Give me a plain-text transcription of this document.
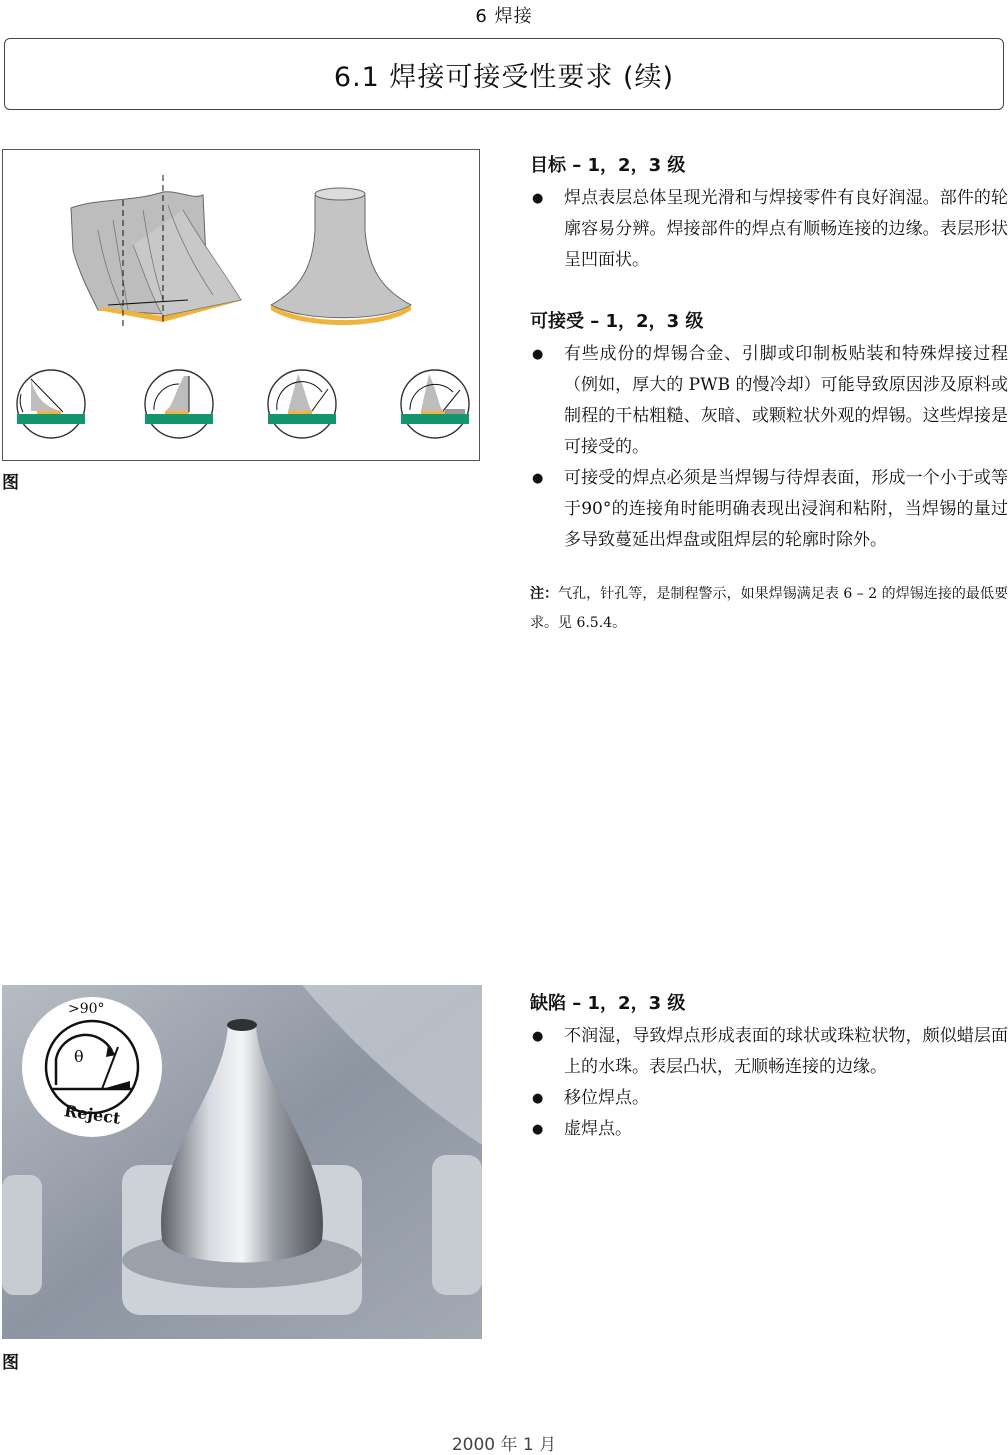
6 焊接
6.1 焊接可接受性要求 (续)
图
目标 – 1，2，3 级
● 焊点表层总体呈现光滑和与焊接零件有良好润湿。部件的轮廓容易分辨。焊接部件的焊点有顺畅连接的边缘。表层形状呈凹面状。
可接受 – 1，2，3 级
● 有些成份的焊锡合金、引脚或印制板贴装和特殊焊接过程（例如，厚大的 PWB 的慢冷却）可能导致原因涉及原料或制程的干枯粗糙、灰暗、或颗粒状外观的焊锡。这些焊接是可接受的。
● 可接受的焊点必须是当焊锡与待焊表面，形成一个小于或等于90°的连接角时能明确表现出浸润和粘附，当焊锡的量过多导致蔓延出焊盘或阻焊层的轮廓时除外。
注：气孔，针孔等，是制程警示，如果焊锡满足表 6 – 2 的焊锡连接的最低要求。见 6.5.4。
>90°
θ
Reject
图
缺陷 – 1，2，3 级
● 不润湿，导致焊点形成表面的球状或珠粒状物，颇似蜡层面上的水珠。表层凸状，无顺畅连接的边缘。
● 移位焊点。
● 虚焊点。
2000 年 1 月
